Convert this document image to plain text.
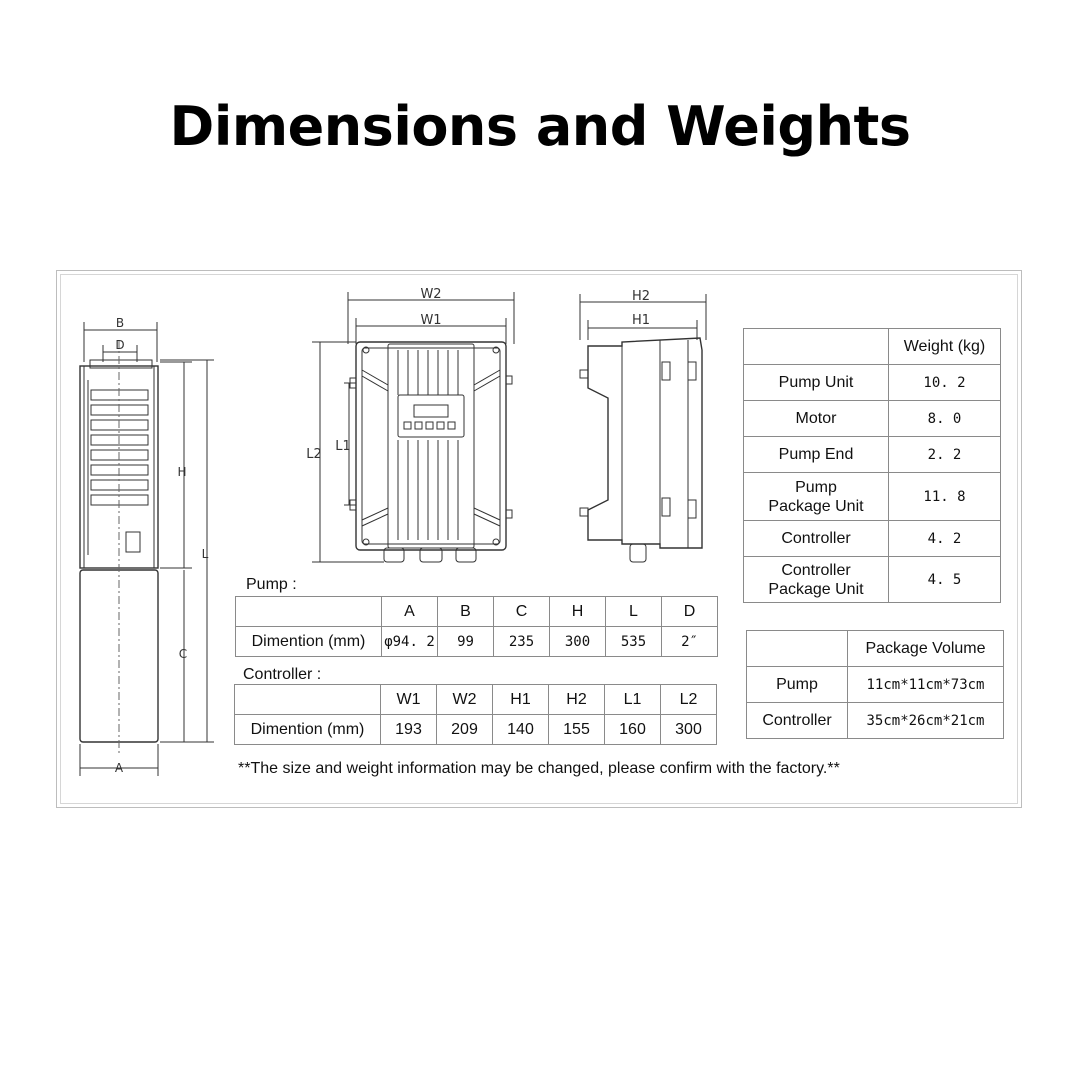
Dimensions and Weights
B
D
H
L
C
A
W2
W1
L2
L1
H2
H1
Pump :
	A	B	C	H	L	D
Dimention (mm)	φ94. 2	99	235	300	535	2″
Controller :
	W1	W2	H1	H2	L1	L2
Dimention (mm)	193	209	140	155	160	300
	Weight (kg)
Pump Unit	10. 2
Motor	8. 0
Pump End	2. 2
Pump
Package Unit	11. 8
Controller	4. 2
Controller
Package Unit	4. 5
	Package Volume
Pump	11cm*11cm*73cm
Controller	35cm*26cm*21cm
**The size and weight information may be changed, please confirm with the factory.**
